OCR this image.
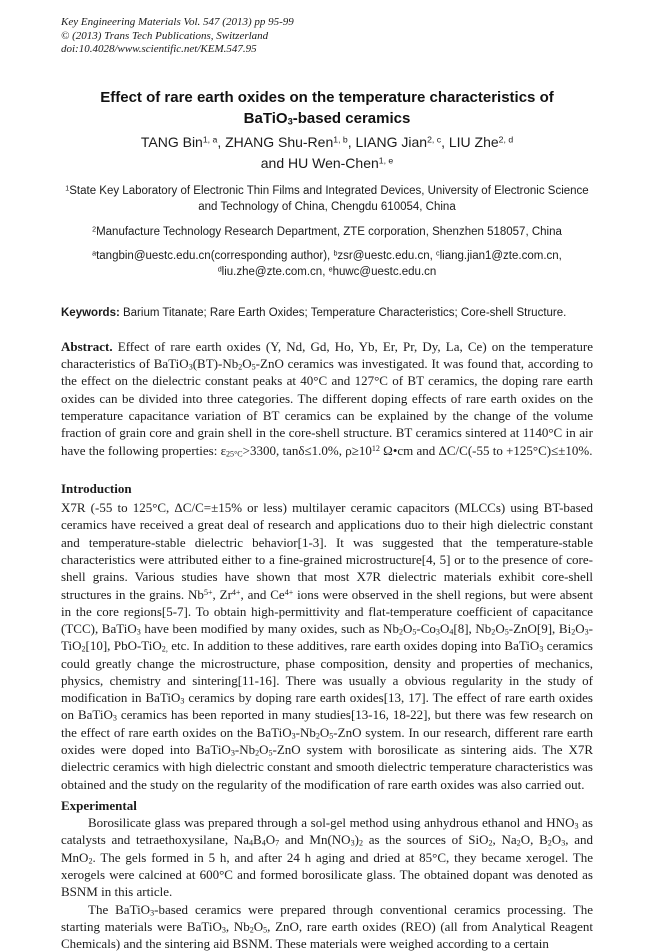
Key Engineering Materials Vol. 547 (2013) pp 95-99
© (2013) Trans Tech Publications, Switzerland
doi:10.4028/www.scientific.net/KEM.547.95
Effect of rare earth oxides on the temperature characteristics of
BaTiO$_3$-based ceramics
TANG Bin$^{1, a}$, ZHANG Shu-Ren$^{1, b}$, LIANG Jian$^{2, c}$, LIU Zhe$^{2, d}$
and HU Wen-Chen$^{1, e}$
$^1$State Key Laboratory of Electronic Thin Films and Integrated Devices, University of Electronic Science and Technology of China, Chengdu 610054, China
$^2$Manufacture Technology Research Department, ZTE corporation, Shenzhen 518057, China
$^a$tangbin@uestc.edu.cn(corresponding author), $^b$zsr@uestc.edu.cn, $^c$liang.jian1@zte.com.cn,
$^d$liu.zhe@zte.com.cn, $^e$huwc@uestc.edu.cn

Keywords: Barium Titanate; Rare Earth Oxides; Temperature Characteristics; Core-shell Structure.

Abstract. Effect of rare earth oxides (Y, Nd, Gd, Ho, Yb, Er, Pr, Dy, La, Ce) on the temperature characteristics of $BaTiO_3(BT)-Nb_2O_5$-ZnO ceramics was investigated. It was found that, according to the effect on the dielectric constant peaks at 40°C and 127°C of BT ceramics, the doping rare earth oxides can be divided into three categories. The different doping effects of rare earth oxides on the temperature capacitance variation of BT ceramics can be explained by the change of the volume fraction of grain core and grain shell in the core-shell structure. BT ceramics sintered at 1140°C in air have the following properties: $\varepsilon_{25^\circ C}>3300$, tanδ≤1.0%, $\rho\ge 10^{12}$ Ω•cm and ΔC/C(-55 to +125°C)≤±10%.

Introduction

X7R (-55 to 125°C, ΔC/C=±15% or less) multilayer ceramic capacitors (MLCCs) using BT-based ceramics have received a great deal of research and applications duo to their high dielectric constant and temperature-stable dielectric behavior[1-3]. It was suggested that the temperature-stable characteristics were attributed either to a fine-grained microstructure[4, 5] or to the presence of core-shell grains. Various studies have shown that most X7R dielectric materials exhibit core-shell structures in the grains. $Nb^{5+}$, $Zr^{4+}$, and $Ce^{4+}$ ions were observed in the shell regions, but were absent in the core regions[5-7]. To obtain high-permittivity and flat-temperature coefficient of capacitance (TCC), BaTiO$_3$ have been modified by many oxides, such as $Nb_2O_5-Co_3O_4[8]$, $Nb_2O_5-ZnO[9]$, $Bi_2O_3-TiO_2[10]$, PbO-TiO$_{2,}$ etc. In addition to these additives, rare earth oxides doping into BaTiO$_3$ ceramics could greatly change the microstructure, phase composition, density and properties of mechanics, physics, chemistry and sintering[11-16]. There was usually a obvious regularity in the study of modification in BaTiO$_3$ ceramics by doping rare earth oxides[13, 17]. The effect of rare earth oxides on BaTiO$_3$ ceramics has been reported in many studies[13-16, 18-22], but there was few research on the effect of rare earth oxides on the $BaTiO_3-Nb_2O_5$-ZnO system. In our research, different rare earth oxides were doped into $BaTiO_3-Nb_2O_5$-ZnO system with borosilicate as sintering aids. The X7R dielectric ceramics with high dielectric constant and smooth dielectric temperature characteristics was obtained and the study on the regularity of the modification of rare earth oxides was also carried out.

Experimental

Borosilicate glass was prepared through a sol-gel method using anhydrous ethanol and $HNO_3$ as catalysts and tetraethoxysilane, $Na_4B_4O_7$ and $Mn(NO_3)_2$ as the sources of SiO$_2$, $Na_2O$, $B_2O_3$, and MnO$_2$. The gels formed in 5 h, and after 24 h aging and dried at 85°C, they became xerogel. The xerogels were calcined at 600°C and formed borosilicate glass. The obtained dopant was denoted as BSNM in this article.

The BaTiO$_3$-based ceramics were prepared through conventional ceramics processing. The starting materials were BaTiO$_3$, $Nb_2O_5$, ZnO, rare earth oxides (REO) (all from Analytical Reagent Chemicals) and the sintering aid BSNM. These materials were weighed according to a certain
